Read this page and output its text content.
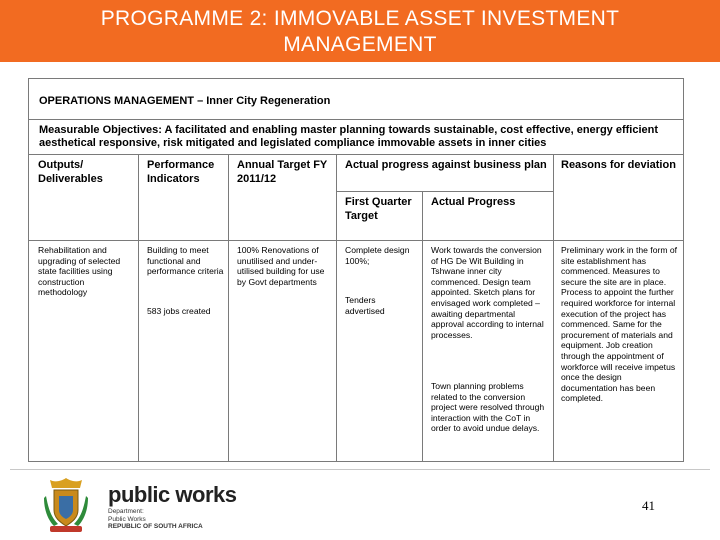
PROGRAMME 2: IMMOVABLE ASSET INVESTMENT
MANAGEMENT
OPERATIONS MANAGEMENT – Inner City Regeneration
Measurable Objectives: A facilitated and enabling master planning towards sustainable, cost effective, energy efficient aesthetical responsive, risk mitigated and legislated compliance immovable assets in inner cities
Outputs/ Deliverables
Performance Indicators
Annual Target FY 2011/12
Actual progress against business plan Reasons for deviation
First Quarter Target
Actual Progress
Rehabilitation and upgrading of selected state facilities using construction methodology
Building to meet functional and performance criteria
583 jobs created
100% Renovations of unutilised and under-utilised building for use by Govt departments
Complete design 100%;
Tenders advertised
Work towards the conversion of HG De Wit Building in Tshwane inner city commenced. Design team appointed. Sketch plans for envisaged work completed – awaiting departmental approval according to internal processes.
Town planning problems related to the conversion project were resolved through interaction with the CoT in order to avoid undue delays.
Preliminary work in the form of site establishment has commenced. Measures to secure the site are in place. Process to appoint the further required workforce for internal execution of the project has commenced. Same for the procurement of materials and equipment. Job creation through the appointment of workforce will receive impetus once the design documentation has been completed.
public works
Department:
Public Works
REPUBLIC OF SOUTH AFRICA
41
